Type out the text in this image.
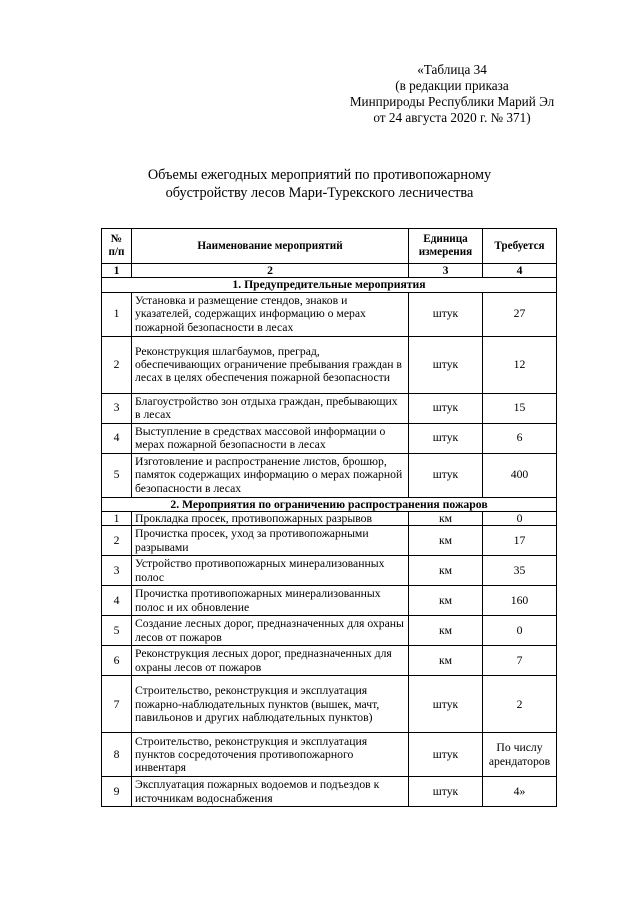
«Таблица 34
(в редакции приказа
Минприроды Республики Марий Эл
от 24 августа 2020 г. № 371)
Объемы ежегодных мероприятий по противопожарному
обустройству лесов Мари-Турекского лесничества
№ п/п	Наименование мероприятий	Единица измерения	Требуется
1	2	3	4
1. Предупредительные мероприятия			
1	Установка и размещение стендов, знаков и указателей, содержащих информацию о мерах пожарной безопасности в лесах	штук	27
2	Реконструкция шлагбаумов, преград, обеспечивающих ограничение пребывания граждан в лесах в целях обеспечения пожарной безопасности	штук	12
3	Благоустройство зон отдыха граждан, пребывающих в лесах	штук	15
4	Выступление в средствах массовой информации о мерах пожарной безопасности в лесах	штук	6
5	Изготовление и распространение листов, брошюр, памяток содержащих информацию о мерах пожарной безопасности в лесах	штук	400
2. Мероприятия по ограничению распространения пожаров			
1	Прокладка просек, противопожарных разрывов	км	0
2	Прочистка просек, уход за противопожарными разрывами	км	17
3	Устройство противопожарных минерализованных полос	км	35
4	Прочистка противопожарных минерализованных полос и их обновление	км	160
5	Создание лесных дорог, предназначенных для охраны лесов от пожаров	км	0
6	Реконструкция лесных дорог, предназначенных для охраны лесов от пожаров	км	7
7	Строительство, реконструкция и эксплуатация пожарно-наблюдательных пунктов (вышек, мачт, павильонов и других наблюдательных пунктов)	штук	2
8	Строительство, реконструкция и эксплуатация пунктов сосредоточения противопожарного инвентаря	штук	По числу арендаторов
9	Эксплуатация пожарных водоемов и подъездов к источникам водоснабжения	штук	4»
